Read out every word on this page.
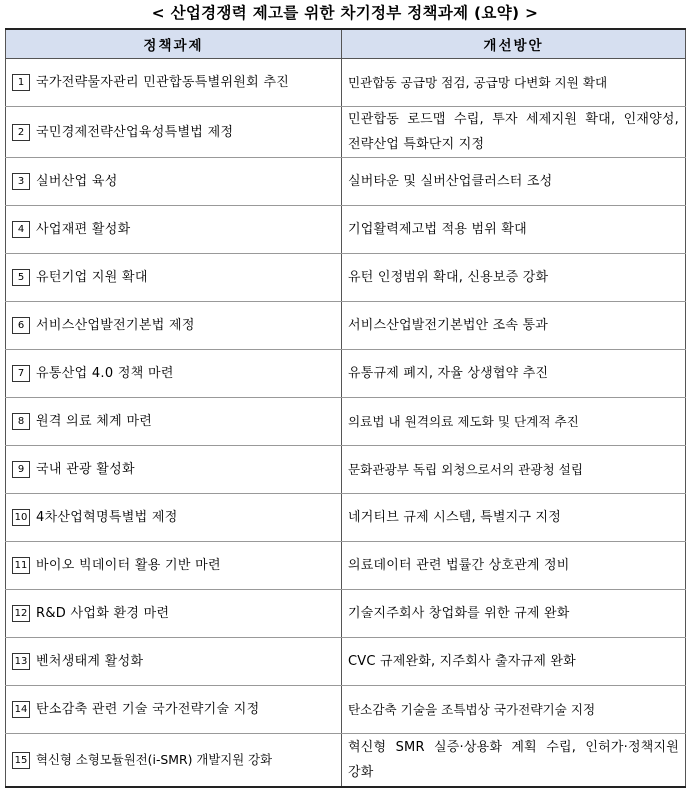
< 산업경쟁력 제고를 위한 차기정부 정책과제 (요약) >
정책과제	개선방안
1 국가전략물자관리 민관합동특별위원회 추진	민관합동 공급망 점검, 공급망 다변화 지원 확대
2 국민경제전략산업육성특별법 제정	민관합동 로드맵 수립, 투자 세제지원 확대, 인재양성, 전략산업 특화단지 지정
3 실버산업 육성	실버타운 및 실버산업클러스터 조성
4 사업재편 활성화	기업활력제고법 적용 범위 확대
5 유턴기업 지원 확대	유턴 인정범위 확대, 신용보증 강화
6 서비스산업발전기본법 제정	서비스산업발전기본법안 조속 통과
7 유통산업 4.0 정책 마련	유통규제 폐지, 자율 상생협약 추진
8 원격 의료 체계 마련	의료법 내 원격의료 제도화 및 단계적 추진
9 국내 관광 활성화	문화관광부 독립 외청으로서의 관광청 설립
10 4차산업혁명특별법 제정	네거티브 규제 시스템, 특별지구 지정
11 바이오 빅데이터 활용 기반 마련	의료데이터 관련 법률간 상호관계 정비
12 R&D 사업화 환경 마련	기술지주회사 창업화를 위한 규제 완화
13 벤처생태계 활성화	CVC 규제완화, 지주회사 출자규제 완화
14 탄소감축 관련 기술 국가전략기술 지정	탄소감축 기술을 조특법상 국가전략기술 지정
15 혁신형 소형모듈원전(i-SMR) 개발지원 강화	혁신형 SMR 실증·상용화 계획 수립, 인허가·정책지원 강화
